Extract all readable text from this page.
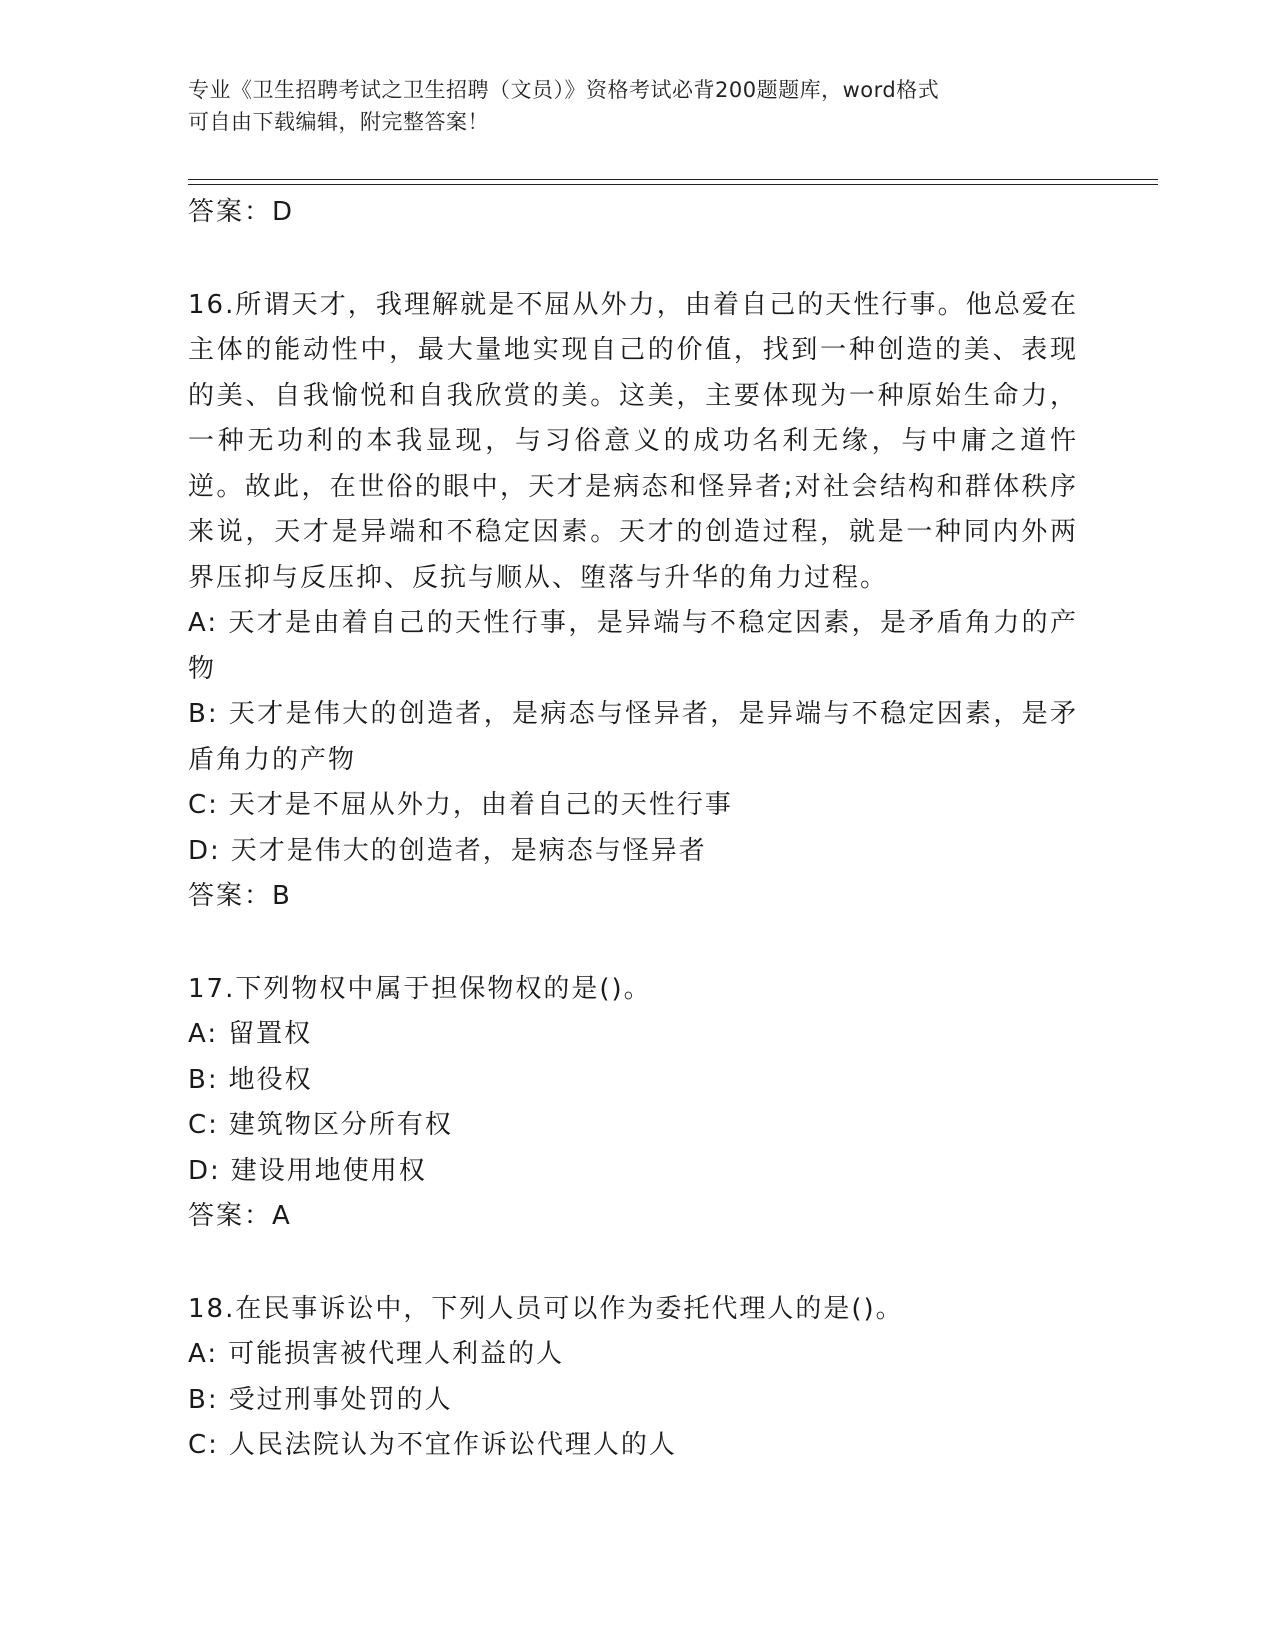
专业《卫生招聘考试之卫生招聘（文员）》资格考试必背200题题库，word格式
可自由下载编辑，附完整答案！
答案：D
16.所谓天才，我理解就是不屈从外力，由着自己的天性行事。他总爱在主体的能动性中，最大量地实现自己的价值，找到一种创造的美、表现的美、自我愉悦和自我欣赏的美。这美，主要体现为一种原始生命力，一种无功利的本我显现，与习俗意义的成功名利无缘，与中庸之道忤逆。故此，在世俗的眼中，天才是病态和怪异者;对社会结构和群体秩序来说，天才是异端和不稳定因素。天才的创造过程，就是一种同内外两界压抑与反压抑、反抗与顺从、堕落与升华的角力过程。
A: 天才是由着自己的天性行事，是异端与不稳定因素，是矛盾角力的产物
B: 天才是伟大的创造者，是病态与怪异者，是异端与不稳定因素，是矛盾角力的产物
C: 天才是不屈从外力，由着自己的天性行事
D: 天才是伟大的创造者，是病态与怪异者
答案：B
17.下列物权中属于担保物权的是()。
A: 留置权
B: 地役权
C: 建筑物区分所有权
D: 建设用地使用权
答案：A
18.在民事诉讼中，下列人员可以作为委托代理人的是()。
A: 可能损害被代理人利益的人
B: 受过刑事处罚的人
C: 人民法院认为不宜作诉讼代理人的人
